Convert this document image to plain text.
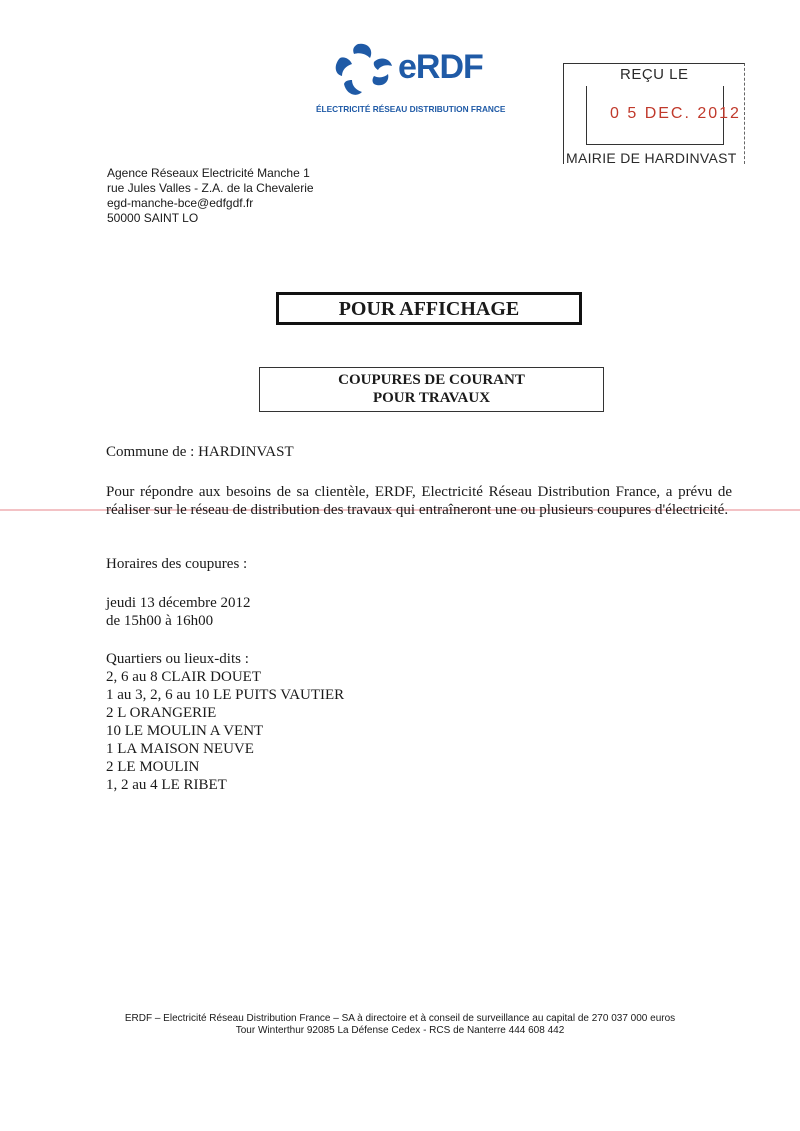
eRDF
ÉLECTRICITÉ RÉSEAU DISTRIBUTION FRANCE
REÇU LE
0 5 DEC. 2012
MAIRIE DE HARDINVAST
Agence Réseaux Electricité Manche 1
rue Jules Valles - Z.A. de la Chevalerie
egd-manche-bce@edfgdf.fr
50000 SAINT LO
POUR AFFICHAGE
COUPURES DE COURANT
POUR TRAVAUX
Commune de : HARDINVAST
Pour répondre aux besoins de sa clientèle, ERDF, Electricité Réseau Distribution France, a prévu de réaliser sur le réseau de distribution des travaux qui entraîneront une ou plusieurs coupures d'électricité.
Horaires des coupures :
jeudi 13 décembre 2012
de 15h00 à 16h00
Quartiers ou lieux-dits :
2, 6 au 8 CLAIR DOUET
1 au 3, 2, 6 au 10 LE PUITS VAUTIER
2 L ORANGERIE
10 LE MOULIN A VENT
1 LA MAISON NEUVE
2 LE MOULIN
1, 2 au 4 LE RIBET
ERDF – Electricité Réseau Distribution France – SA à directoire et à conseil de surveillance au capital de 270 037 000 euros
Tour Winterthur 92085 La Défense Cedex - RCS de Nanterre 444 608 442
